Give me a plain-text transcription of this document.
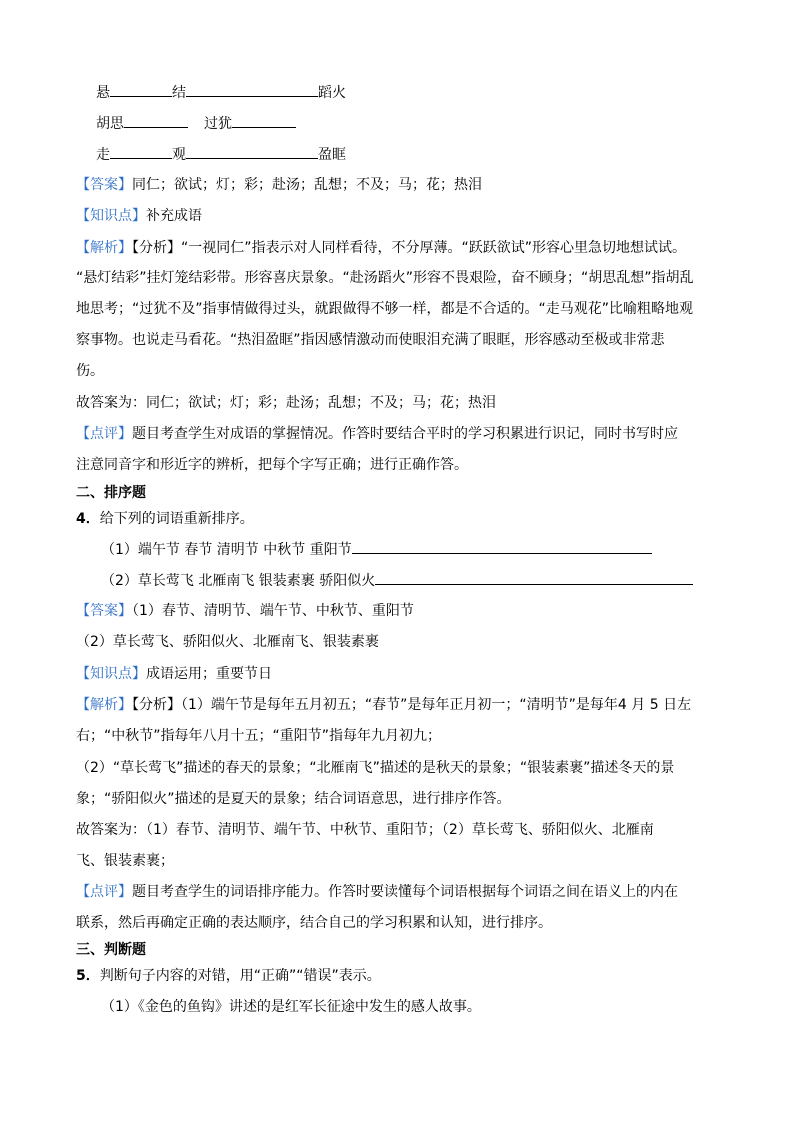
悬	结	蹈火
胡思	过犹
走	观	盈眶
【答案】同仁；欲试；灯；彩；赴汤；乱想；不及；马；花；热泪
【知识点】补充成语
【解析】【分析】“一视同仁”指表示对人同样看待，不分厚薄。“跃跃欲试”形容心里急切地想试试。
“悬灯结彩”挂灯笼结彩带。形容喜庆景象。“赴汤蹈火”形容不畏艰险，奋不顾身；“胡思乱想”指胡乱
地思考；“过犹不及”指事情做得过头，就跟做得不够一样，都是不合适的。“走马观花”比喻粗略地观
察事物。也说走马看花。“热泪盈眶”指因感情激动而使眼泪充满了眼眶，形容感动至极或非常悲
伤。
故答案为：同仁；欲试；灯；彩；赴汤；乱想；不及；马；花；热泪
【点评】题目考查学生对成语的掌握情况。作答时要结合平时的学习积累进行识记，同时书写时应
注意同音字和形近字的辨析，把每个字写正确；进行正确作答。
二、排序题
4．给下列的词语重新排序。
（1）端午节 春节 清明节 中秋节 重阳节
（2）草长莺飞 北雁南飞 银装素裹 骄阳似火
【答案】（1）春节、清明节、端午节、中秋节、重阳节
（2）草长莺飞、骄阳似火、北雁南飞、银装素裹
【知识点】成语运用；重要节日
【解析】【分析】（1）端午节是每年五月初五；“春节”是每年正月初一；“清明节”是每年4 月 5 日左
右；“中秋节”指每年八月十五；“重阳节”指每年九月初九；
（2）“草长莺飞”描述的春天的景象；“北雁南飞”描述的是秋天的景象；“银装素裹”描述冬天的景
象；“骄阳似火”描述的是夏天的景象；结合词语意思，进行排序作答。
故答案为：（1）春节、清明节、端午节、中秋节、重阳节；（2）草长莺飞、骄阳似火、北雁南
飞、银装素裹；
【点评】题目考查学生的词语排序能力。作答时要读懂每个词语根据每个词语之间在语义上的内在
联系，然后再确定正确的表达顺序，结合自己的学习积累和认知，进行排序。
三、判断题
5．判断句子内容的对错，用“正确”“错误”表示。
（1）《金色的鱼钩》讲述的是红军长征途中发生的感人故事。
